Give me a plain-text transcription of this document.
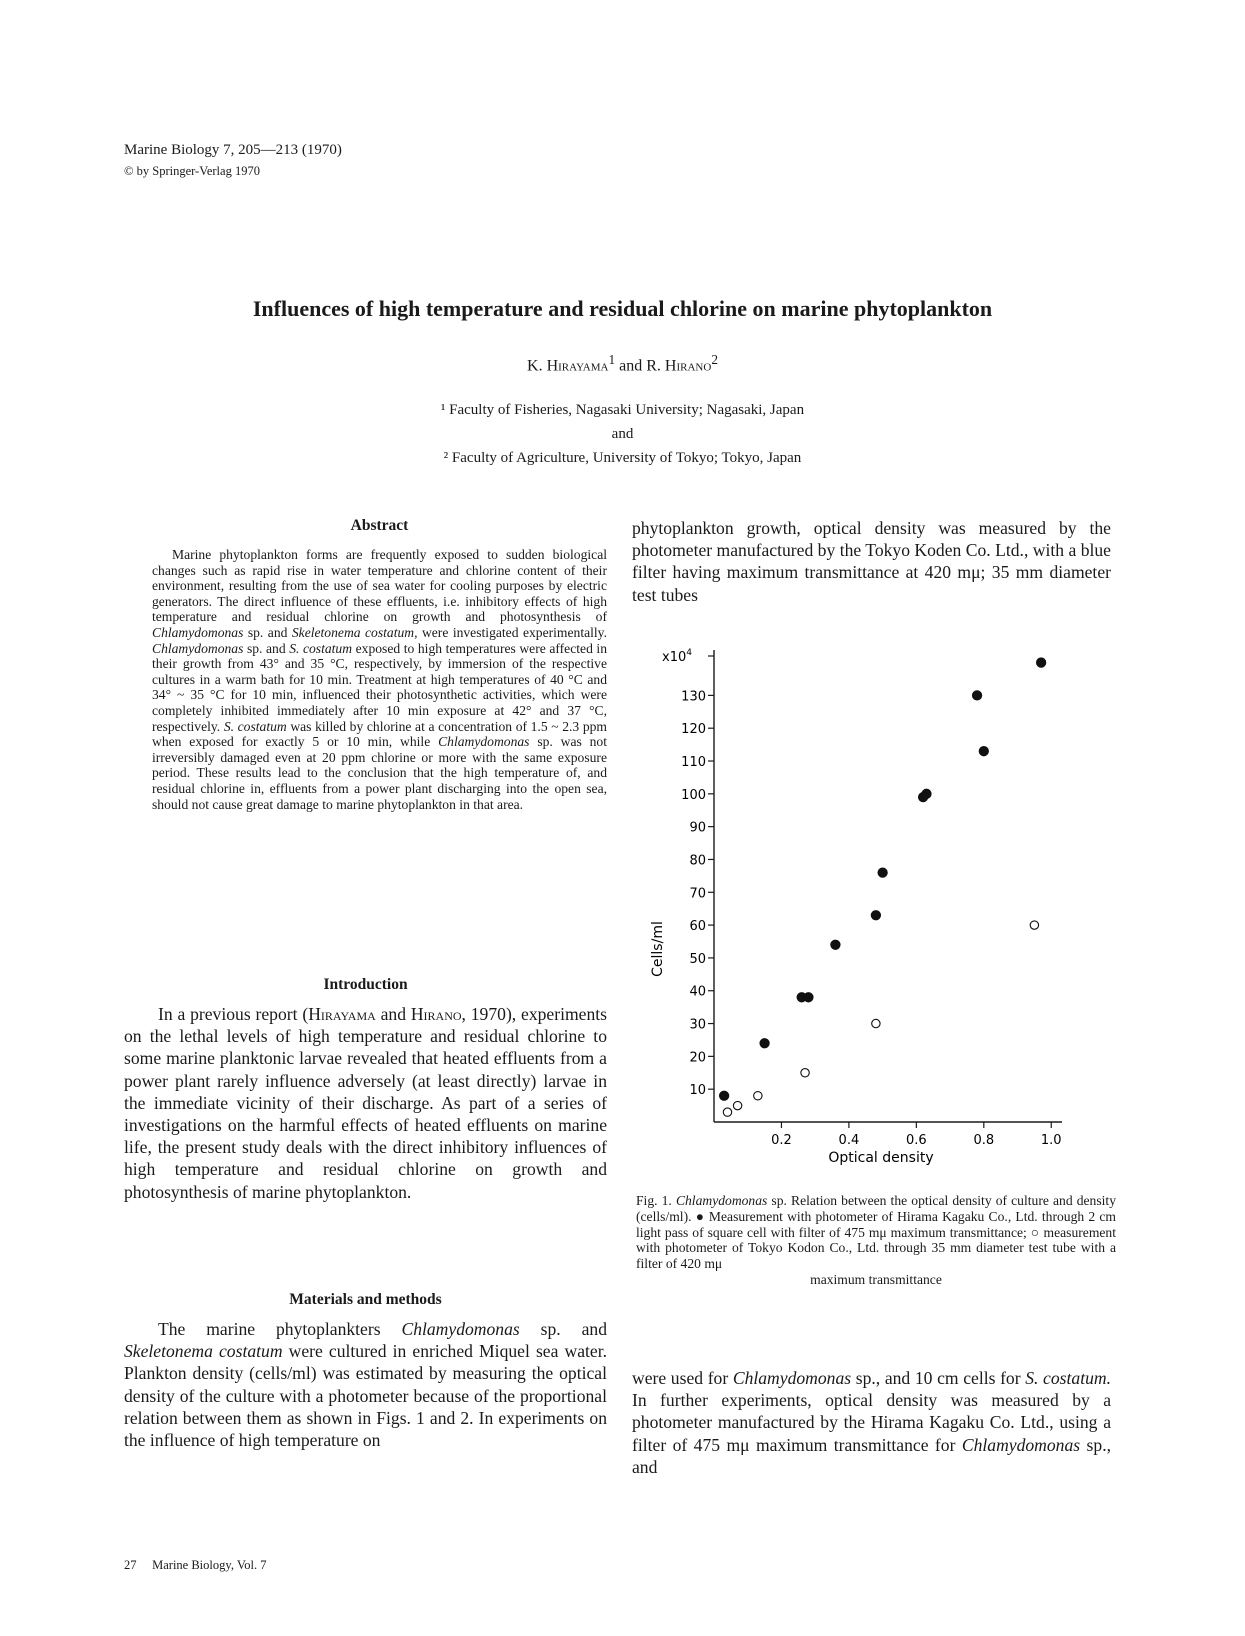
Marine Biology 7, 205—213 (1970)
© by Springer-Verlag 1970
Influences of high temperature and residual chlorine on marine phytoplankton
K. Hirayama$^1$ and R. Hirano$^2$
¹ Faculty of Fisheries, Nagasaki University; Nagasaki, Japan
and
² Faculty of Agriculture, University of Tokyo; Tokyo, Japan
Abstract

Marine phytoplankton forms are frequently exposed to sudden biological changes such as rapid rise in water temperature and chlorine content of their environment, resulting from the use of sea water for cooling purposes by electric generators. The direct influence of these effluents, i.e. inhibitory effects of high temperature and residual chlorine on growth and photosynthesis of Chlamydomonas sp. and Skeletonema costatum, were investigated experimentally. Chlamydomonas sp. and S. costatum exposed to high temperatures were affected in their growth from 43° and 35 °C, respectively, by immersion of the respective cultures in a warm bath for 10 min. Treatment at high temperatures of 40 °C and 34° ~ 35 °C for 10 min, influenced their photosynthetic activities, which were completely inhibited immediately after 10 min exposure at 42° and 37 °C, respectively. S. costatum was killed by chlorine at a concentration of 1.5 ~ 2.3 ppm when exposed for exactly 5 or 10 min, while Chlamydomonas sp. was not irreversibly damaged even at 20 ppm chlorine or more with the same exposure period. These results lead to the conclusion that the high temperature of, and residual chlorine in, effluents from a power plant discharging into the open sea, should not cause great damage to marine phytoplankton in that area.

Introduction

In a previous report (Hirayama and Hirano, 1970), experiments on the lethal levels of high temperature and residual chlorine to some marine planktonic larvae revealed that heated effluents from a power plant rarely influence adversely (at least directly) larvae in the immediate vicinity of their discharge. As part of a series of investigations on the harmful effects of heated effluents on marine life, the present study deals with the direct inhibitory influences of high temperature and residual chlorine on growth and photosynthesis of marine phytoplankton.

Materials and methods

The marine phytoplankters Chlamydomonas sp. and Skeletonema costatum were cultured in enriched Miquel sea water. Plankton density (cells/ml) was estimated by measuring the optical density of the culture with a photometer because of the proportional relation between them as shown in Figs. 1 and 2. In experiments on the influence of high temperature on

phytoplankton growth, optical density was measured by the photometer manufactured by the Tokyo Koden Co. Ltd., with a blue filter having maximum transmittance at 420 mμ; 35 mm diameter test tubes

10
20
30
40
50
60
70
80
90
100
110
120
130
0.2	0.4	0.6	0.8	1.0
$x10^4$
Cells/ml
Optical density
Fig. 1. Chlamydomonas sp. Relation between the optical density of culture and density (cells/ml). ● Measurement with photometer of Hirama Kagaku Co., Ltd. through 2 cm light pass of square cell with filter of 475 mμ maximum transmittance; ○ measurement with photometer of Tokyo Kodon Co., Ltd. through 35 mm diameter test tube with a filter of 420 mμ
maximum transmittance

were used for Chlamydomonas sp., and 10 cm cells for S. costatum. In further experiments, optical density was measured by a photometer manufactured by the Hirama Kagaku Co. Ltd., using a filter of 475 mμ maximum transmittance for Chlamydomonas sp., and

27 Marine Biology, Vol. 7
